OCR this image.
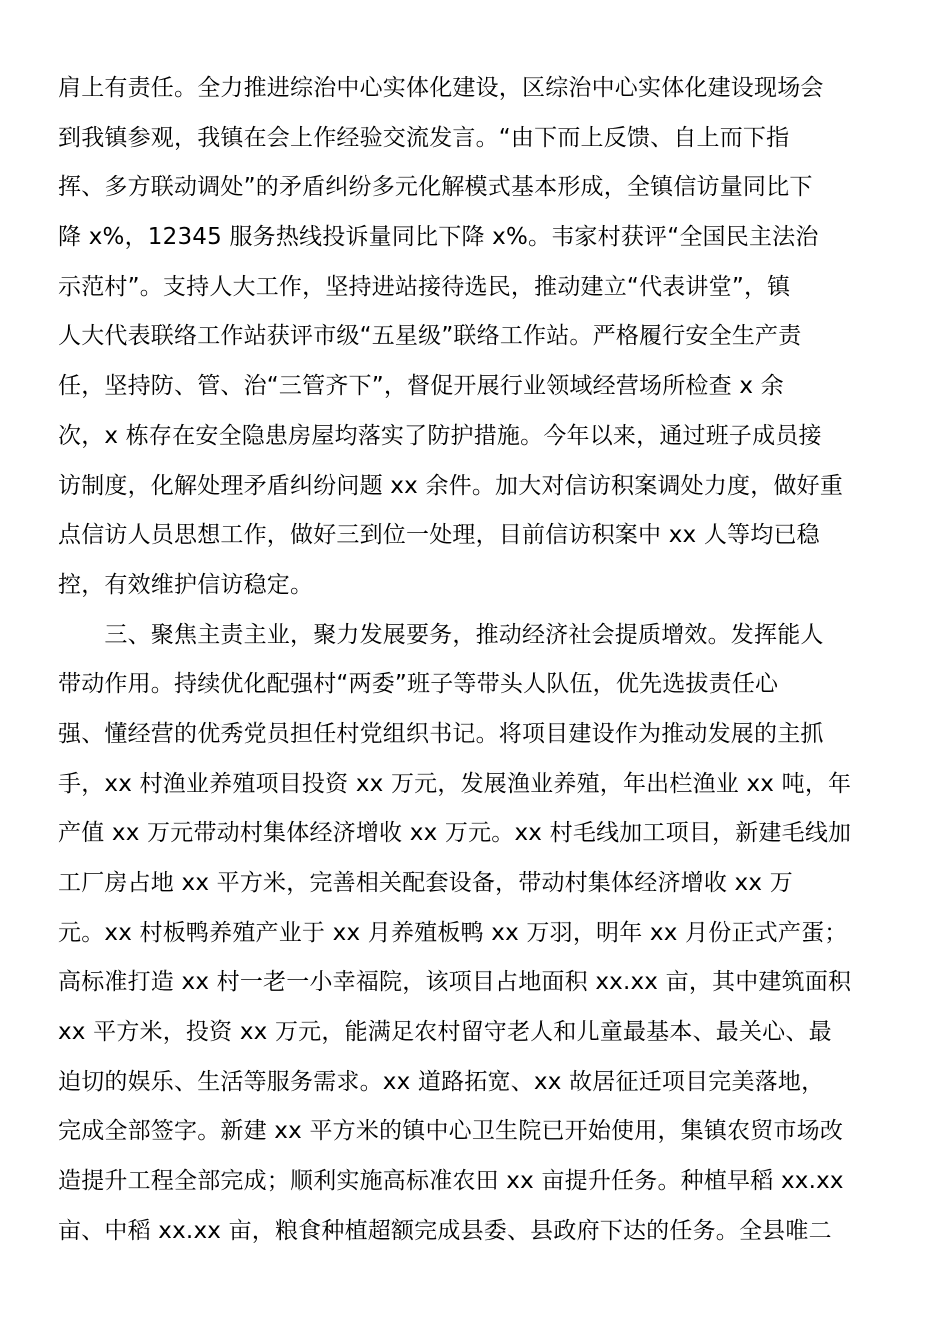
肩上有责任。全力推进综治中心实体化建设，区综治中心实体化建设现场会
到我镇参观，我镇在会上作经验交流发言。“由下而上反馈、自上而下指
挥、多方联动调处”的矛盾纠纷多元化解模式基本形成，全镇信访量同比下
降 x%，12345 服务热线投诉量同比下降 x%。韦家村获评“全国民主法治
示范村”。支持人大工作，坚持进站接待选民，推动建立“代表讲堂”，镇
人大代表联络工作站获评市级“五星级”联络工作站。严格履行安全生产责
任，坚持防、管、治“三管齐下”，督促开展行业领域经营场所检查 x 余
次，x 栋存在安全隐患房屋均落实了防护措施。今年以来，通过班子成员接
访制度，化解处理矛盾纠纷问题 xx 余件。加大对信访积案调处力度，做好重
点信访人员思想工作，做好三到位一处理，目前信访积案中 xx 人等均已稳
控，有效维护信访稳定。
　　三、聚焦主责主业，聚力发展要务，推动经济社会提质增效。发挥能人
带动作用。持续优化配强村“两委”班子等带头人队伍，优先选拔责任心
强、懂经营的优秀党员担任村党组织书记。将项目建设作为推动发展的主抓
手，xx 村渔业养殖项目投资 xx 万元，发展渔业养殖，年出栏渔业 xx 吨，年
产值 xx 万元带动村集体经济增收 xx 万元。xx 村毛线加工项目，新建毛线加
工厂房占地 xx 平方米，完善相关配套设备，带动村集体经济增收 xx 万
元。xx 村板鸭养殖产业于 xx 月养殖板鸭 xx 万羽，明年 xx 月份正式产蛋；
高标准打造 xx 村一老一小幸福院，该项目占地面积 xx.xx 亩，其中建筑面积
xx 平方米，投资 xx 万元，能满足农村留守老人和儿童最基本、最关心、最
迫切的娱乐、生活等服务需求。xx 道路拓宽、xx 故居征迁项目完美落地，
完成全部签字。新建 xx 平方米的镇中心卫生院已开始使用，集镇农贸市场改
造提升工程全部完成；顺利实施高标准农田 xx 亩提升任务。种植早稻 xx.xx
亩、中稻 xx.xx 亩，粮食种植超额完成县委、县政府下达的任务。全县唯二
